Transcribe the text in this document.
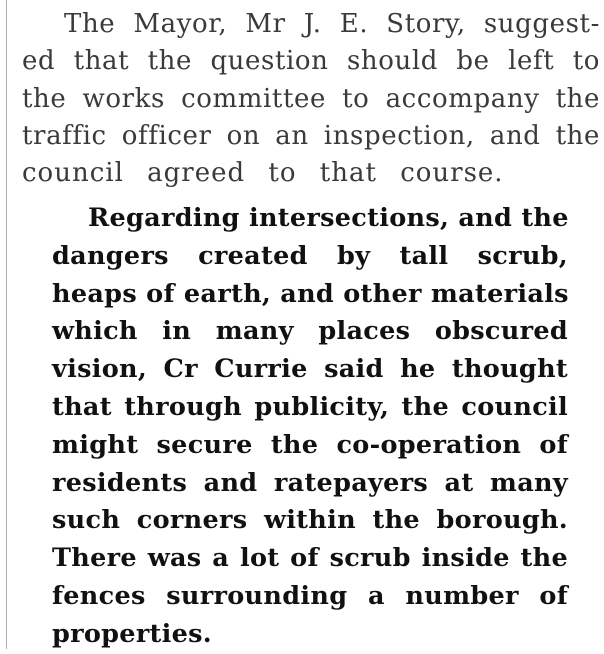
The Mayor, Mr J. E. Story, suggest-
ed that the question should be left to
the works committee to accompany the
traffic officer on an inspection, and the
council agreed to that course.
Regarding intersections, and the
dangers created by tall scrub,
heaps of earth, and other materials
which in many places obscured
vision, Cr Currie said he thought
that through publicity, the council
might secure the co-operation of
residents and ratepayers at many
such corners within the borough.
There was a lot of scrub inside the
fences surrounding a number of
properties.
